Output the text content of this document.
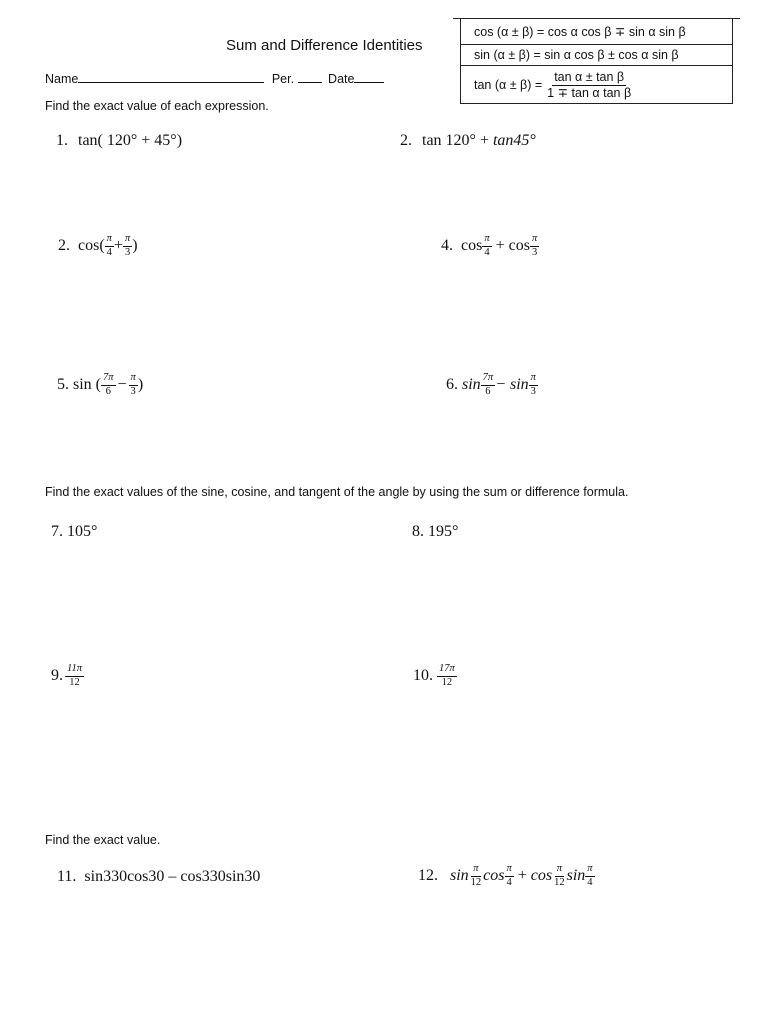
Sum and Difference Identities
cos (α ± β) = cos α cos β ∓ sin α sin β
sin (α ± β) = sin α cos β ± cos α sin β
$\tan (\alpha \pm \beta) = \frac{\text{tan α ± tan β}}{\text{1 ∓ tan α tan β}}$
Name	Per.	Date
Find the exact value of each expression.
1. tan( 120° + 45°)	2. tan 120° + tan45°
2. $\cos( \frac{\pi}{4} + \frac{\pi}{3}$ )	4. $\cos \frac{\pi}{4} + \cos \frac{\pi}{3}$
5. sin ( $\frac{7\pi}{6} - \frac{\pi}{3}$ )	6. $\sin \frac{7\pi}{6} - \sin \frac{\pi}{3}$
Find the exact values of the sine, cosine, and tangent of the angle by using the sum or difference formula.
7. 105°	8. 195°
9. $\frac{11\pi}{12}$	10. $\frac{17\pi}{12}$
Find the exact value.
11.  sin330cos30 – cos330sin30	12. $\sin \frac{\pi}{12}$ $\cos \frac{\pi}{4} + \cos \frac{\pi}{12}$ $\sin \frac{\pi}{4}$
